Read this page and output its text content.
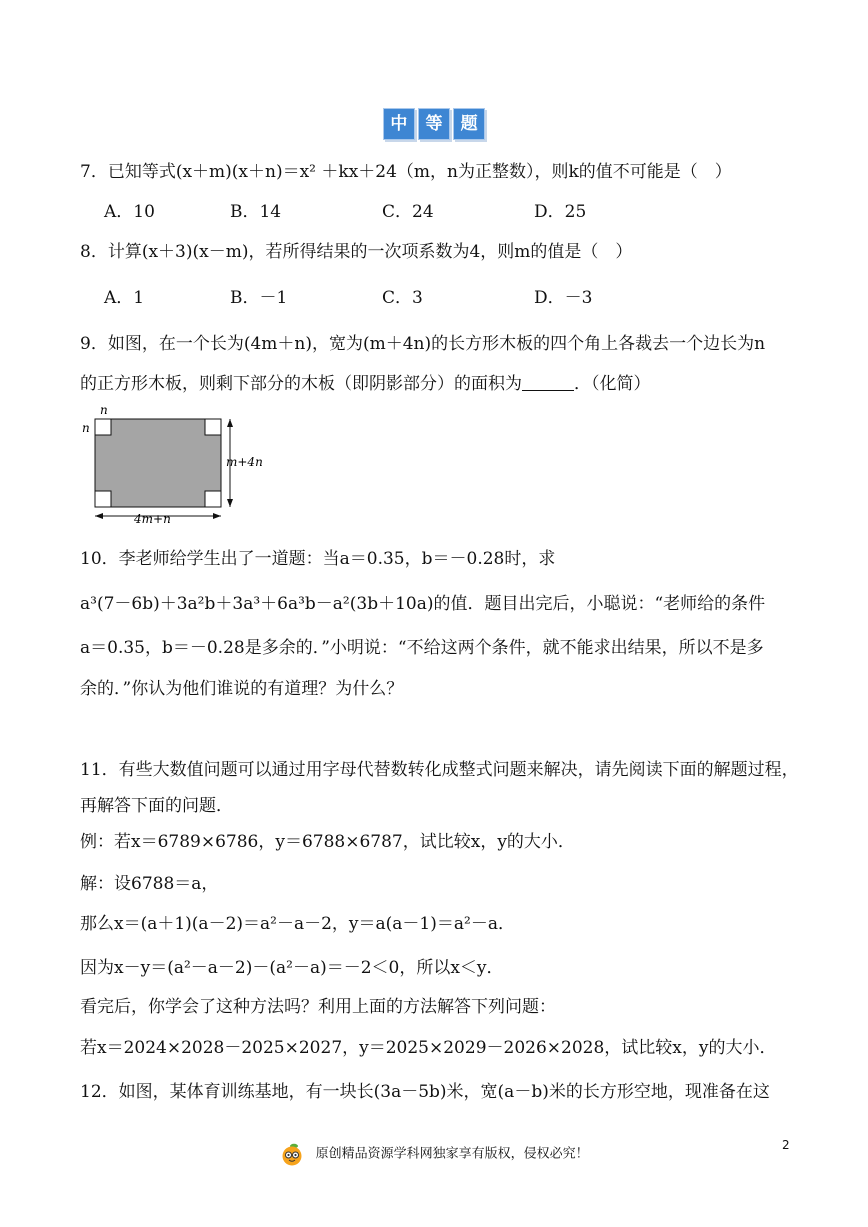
中 等 题
7．已知等式(x＋m)(x＋n)＝x² ＋kx＋24（m，n为正整数），则k的值不可能是（　）
A．10	B．14	C．24	D．25
8．计算(x＋3)(x－m)，若所得结果的一次项系数为4，则m的值是（　）
A．1	B．－1	C．3	D．－3
9．如图，在一个长为(4m＋n)，宽为(m＋4n)的长方形木板的四个角上各裁去一个边长为n
的正方形木板，则剩下部分的木板（即阴影部分）的面积为	．（化简）
n
n
m+4n
4m+n
10．李老师给学生出了一道题：当a＝0.35，b＝－0.28时，求
a³(7－6b)＋3a²b＋3a³＋6a³b－a²(3b＋10a)的值．题目出完后，小聪说：“老师给的条件
a＝0.35，b＝－0.28是多余的．”小明说：“不给这两个条件，就不能求出结果，所以不是多
余的．”你认为他们谁说的有道理？为什么？
11．有些大数值问题可以通过用字母代替数转化成整式问题来解决，请先阅读下面的解题过程，
再解答下面的问题．
例：若x＝6789×6786，y＝6788×6787，试比较x，y的大小．
解：设6788＝a，
那么x＝(a＋1)(a－2)＝a²－a－2，y＝a(a－1)＝a²－a．
因为x－y＝(a²－a－2)－(a²－a)＝－2＜0，所以x＜y．
看完后，你学会了这种方法吗？利用上面的方法解答下列问题：
若x＝2024×2028－2025×2027，y＝2025×2029－2026×2028，试比较x，y的大小．
12．如图，某体育训练基地，有一块长(3a－5b)米，宽(a－b)米的长方形空地，现准备在这
原创精品资源学科网独家享有版权，侵权必究！
2
